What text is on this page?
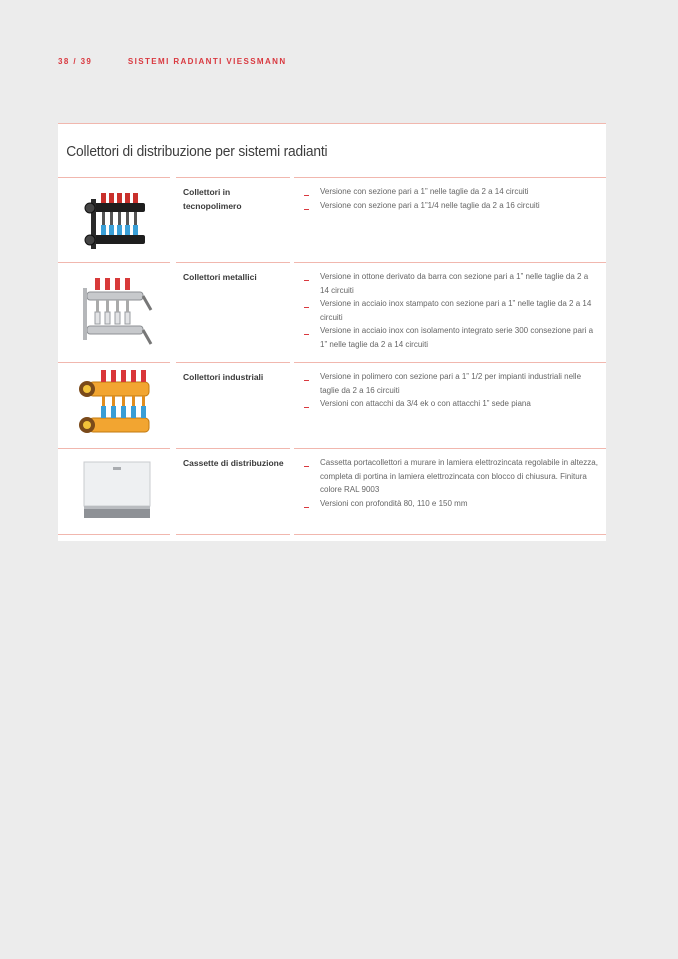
38 / 39	SISTEMI RADIANTI VIESSMANN
Collettori di distribuzione per sistemi radianti
Collettori in tecnopolimero
Versione con sezione pari a 1” nelle taglie da 2 a 14 circuiti
Versione con sezione pari a 1”1/4 nelle taglie da 2 a 16 circuiti
Collettori metallici	Versione in ottone derivato da barra con sezione pari a 1” nelle taglie da 2 a 14 circuiti
Versione in acciaio inox stampato con sezione pari a 1” nelle taglie da 2 a 14 circuiti
Versione in acciaio inox con isolamento integrato serie 300 consezione pari a 1” nelle taglie da 2 a 14 circuiti
Collettori industriali	Versione in polimero con sezione pari a 1” 1/2 per impianti industriali nelle taglie da 2 a 16 circuiti
Versioni con attacchi da 3/4 ek o con attacchi 1” sede piana
Cassette di distribuzione	Cassetta portacollettori a murare in lamiera elettrozincata regolabile in altezza, completa di portina in lamiera elettrozincata con blocco di chiusura. Finitura colore RAL 9003
Versioni con profondità 80, 110 e 150 mm
